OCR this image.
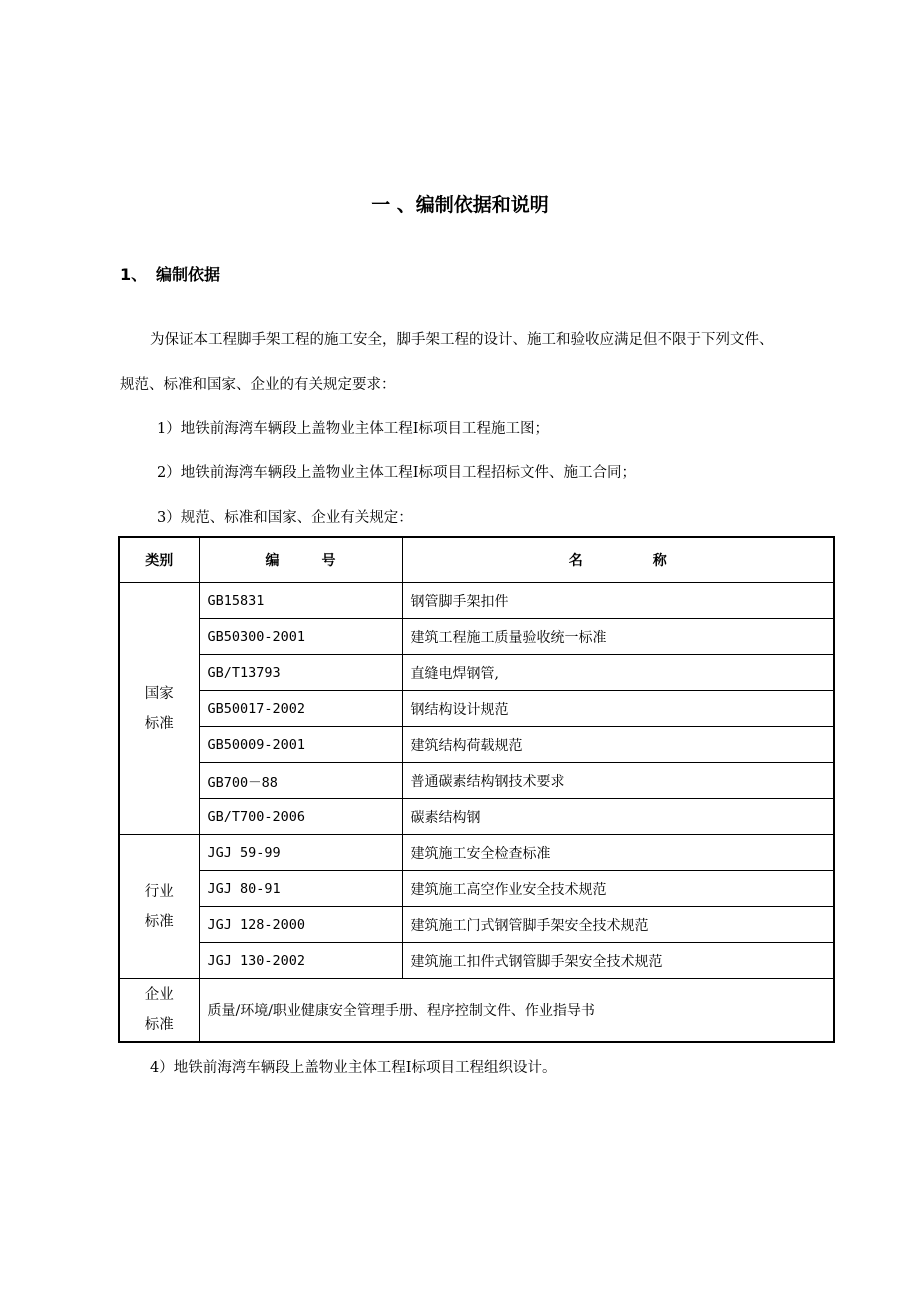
一 、编制依据和说明
1、 编制依据
为保证本工程脚手架工程的施工安全，脚手架工程的设计、施工和验收应满足但不限于下列文件、
规范、标准和国家、企业的有关规定要求：
1）地铁前海湾车辆段上盖物业主体工程Ⅰ标项目工程施工图；
2）地铁前海湾车辆段上盖物业主体工程Ⅰ标项目工程招标文件、施工合同；
3）规范、标准和国家、企业有关规定：
类别	编　　　号	名　　　　　称

国家
标准	GB15831	钢管脚手架扣件
	GB50300-2001	建筑工程施工质量验收统一标准
	GB/T13793	直缝电焊钢管,
	GB50017-2002	钢结构设计规范
	GB50009-2001	建筑结构荷载规范
	GB700－88	普通碳素结构钢技术要求
	GB/T700-2006	碳素结构钢

行业
标准	JGJ 59-99	建筑施工安全检查标准
	JGJ 80-91	建筑施工高空作业安全技术规范
	JGJ 128-2000	建筑施工门式钢管脚手架安全技术规范
	JGJ 130-2002	建筑施工扣件式钢管脚手架安全技术规范

企业
标准	质量/环境/职业健康安全管理手册、程序控制文件、作业指导书	
4）地铁前海湾车辆段上盖物业主体工程Ⅰ标项目工程组织设计。
